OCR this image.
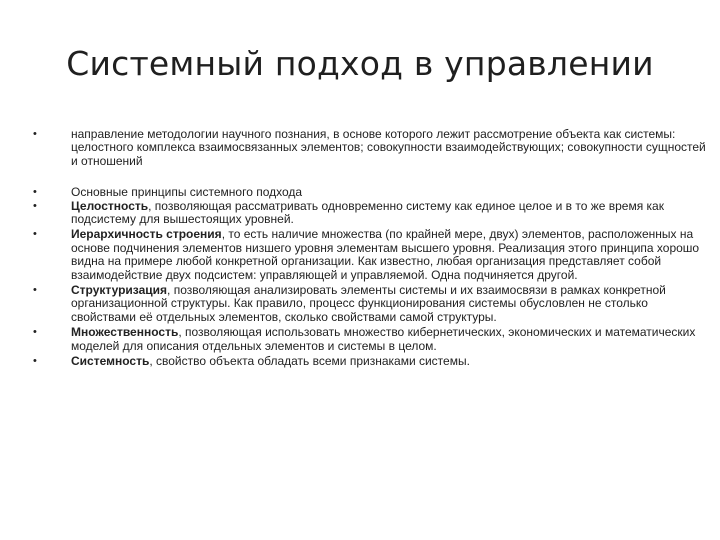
Системный подход в управлении
•	направление методологии научного познания, в основе которого лежит рассмотрение объекта как системы: целостного комплекса взаимосвязанных элементов; совокупности взаимодействующих; совокупности сущностей и отношений
•	Основные принципы системного подхода
•	Целостность, позволяющая рассматривать одновременно систему как единое целое и в то же время как подсистему для вышестоящих уровней.
•	Иерархичность строения, то есть наличие множества (по крайней мере, двух) элементов, расположенных на основе подчинения элементов низшего уровня элементам высшего уровня. Реализация этого принципа хорошо видна на примере любой конкретной организации. Как известно, любая организация представляет собой взаимодействие двух подсистем: управляющей и управляемой. Одна подчиняется другой.
•	Структуризация, позволяющая анализировать элементы системы и их взаимосвязи в рамках конкретной организационной структуры. Как правило, процесс функционирования системы обусловлен не столько свойствами её отдельных элементов, сколько свойствами самой структуры.
•	Множественность, позволяющая использовать множество кибернетических, экономических и математических моделей для описания отдельных элементов и системы в целом.
•	Системность, свойство объекта обладать всеми признаками системы.
